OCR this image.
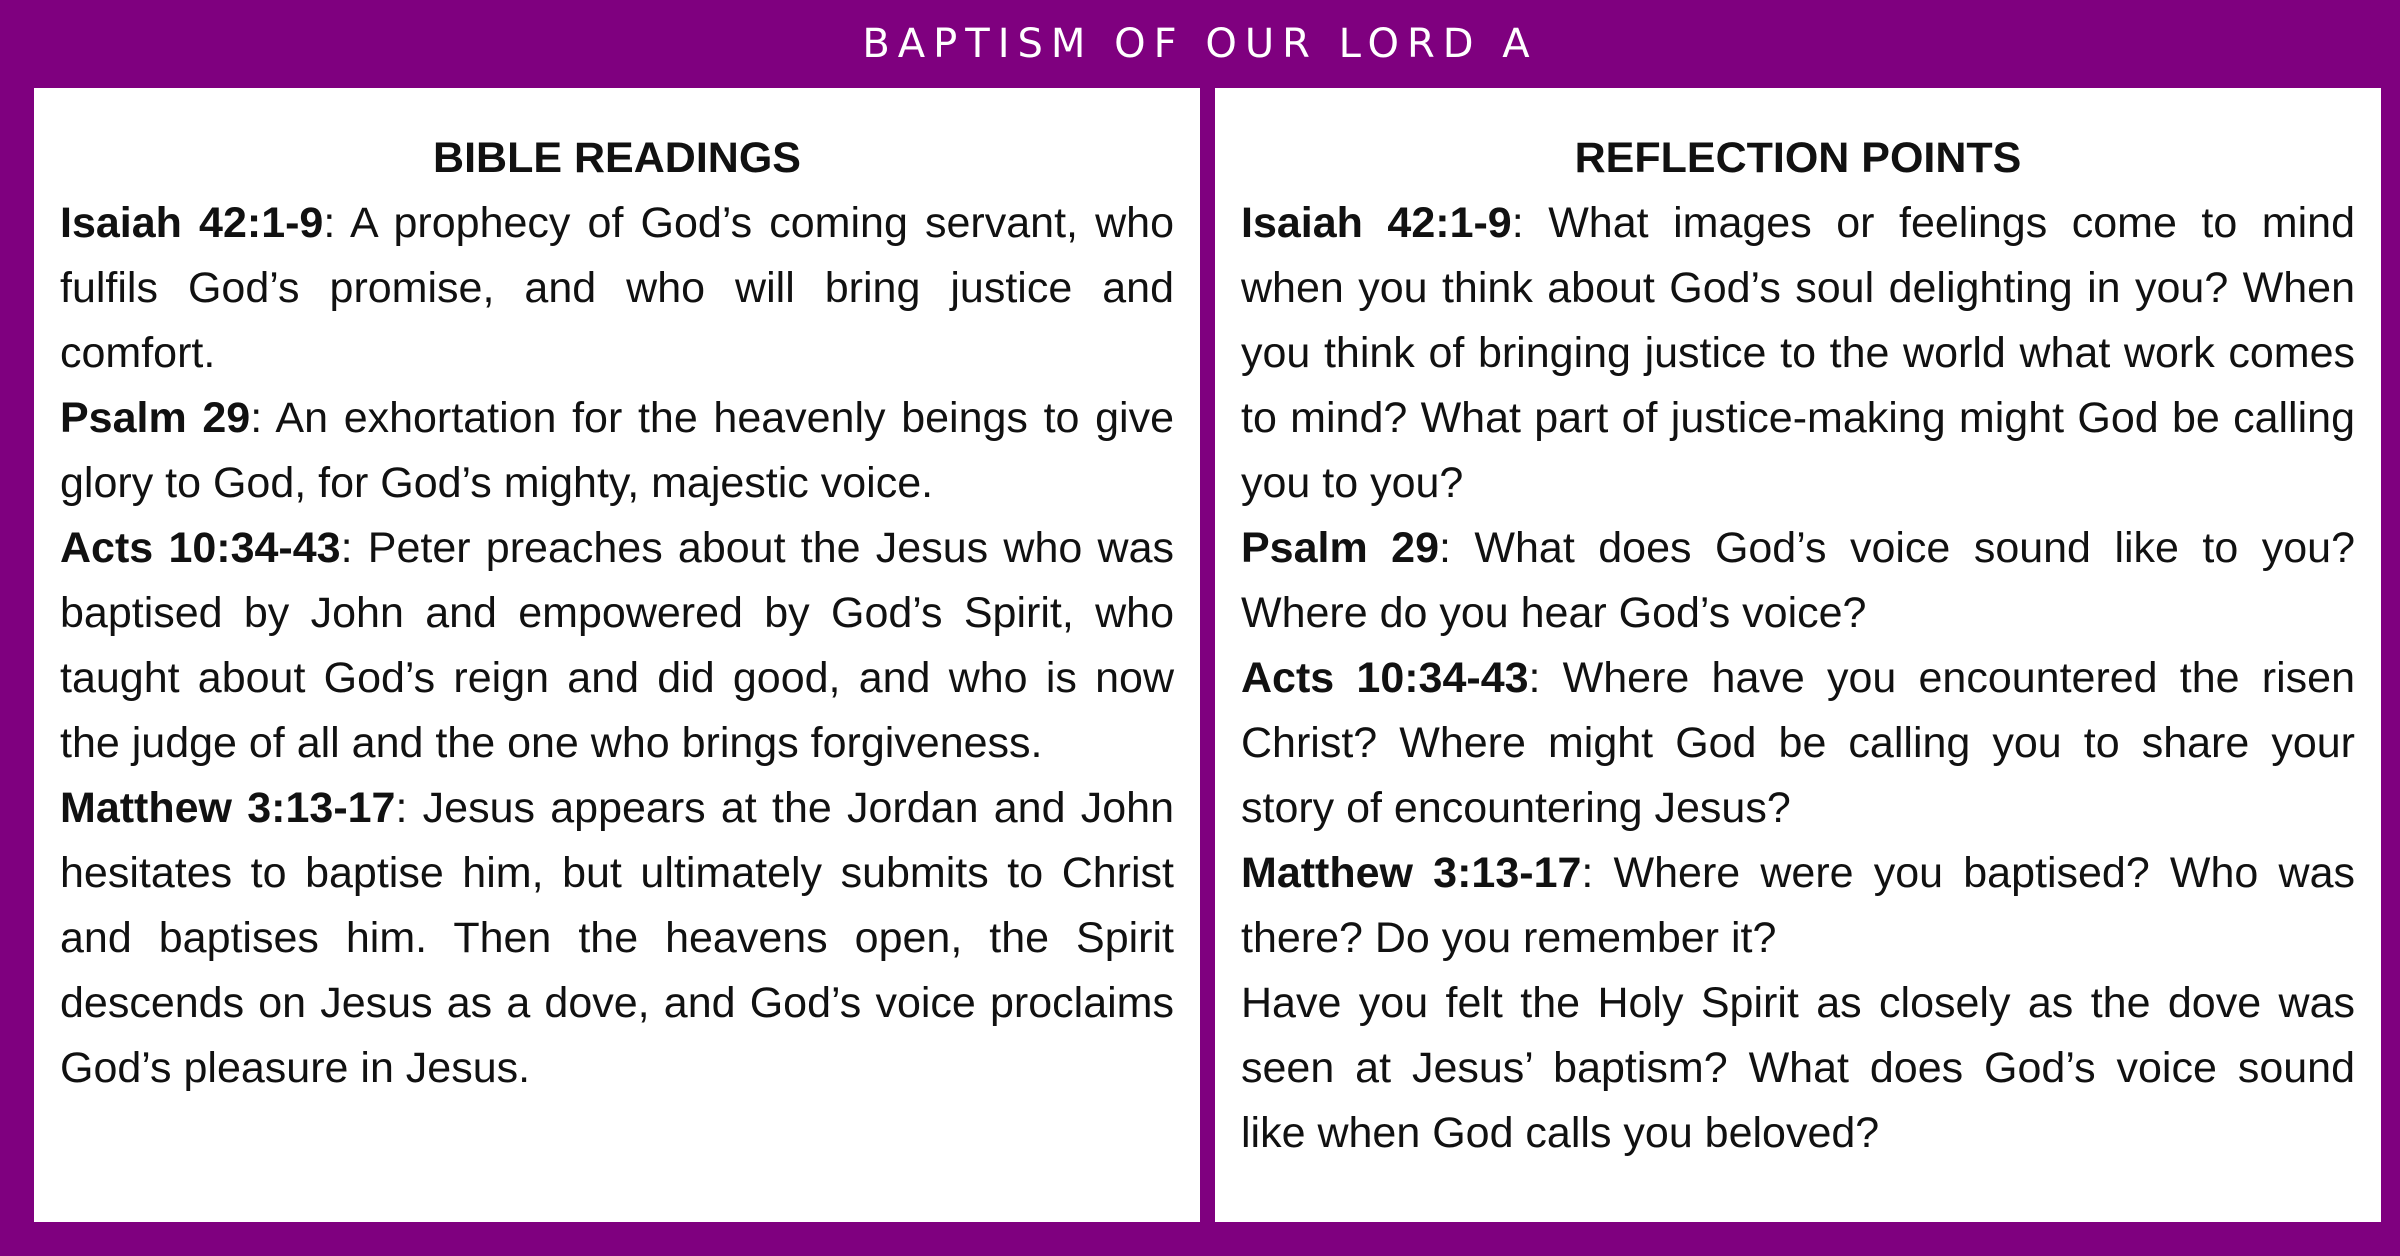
BAPTISM OF OUR LORD A
BIBLE READINGS

Isaiah 42:1-9: A prophecy of God’s coming servant, who fulfils God’s promise, and who will bring justice and comfort.

Psalm 29: An exhortation for the heavenly beings to give glory to God, for God’s mighty, majestic voice.

Acts 10:34-43: Peter preaches about the Jesus who was baptised by John and empowered by God’s Spirit, who taught about God’s reign and did good, and who is now the judge of all and the one who brings forgiveness.

Matthew 3:13-17: Jesus appears at the Jordan and John hesitates to baptise him, but ultimately submits to Christ and baptises him. Then the heavens open, the Spirit descends on Jesus as a dove, and God’s voice proclaims God’s pleasure in Jesus.

REFLECTION POINTS

Isaiah 42:1-9: What images or feelings come to mind when you think about God’s soul delighting in you? When you think of bringing justice to the world what work comes to mind? What part of justice-making might God be calling you to you?

Psalm 29: What does God’s voice sound like to you? Where do you hear God’s voice?

Acts 10:34-43: Where have you encountered the risen Christ? Where might God be calling you to share your story of encountering Jesus?

Matthew 3:13-17: Where were you baptised? Who was there? Do you remember it?

Have you felt the Holy Spirit as closely as the dove was seen at Jesus’ baptism? What does God’s voice sound like when God calls you beloved?
